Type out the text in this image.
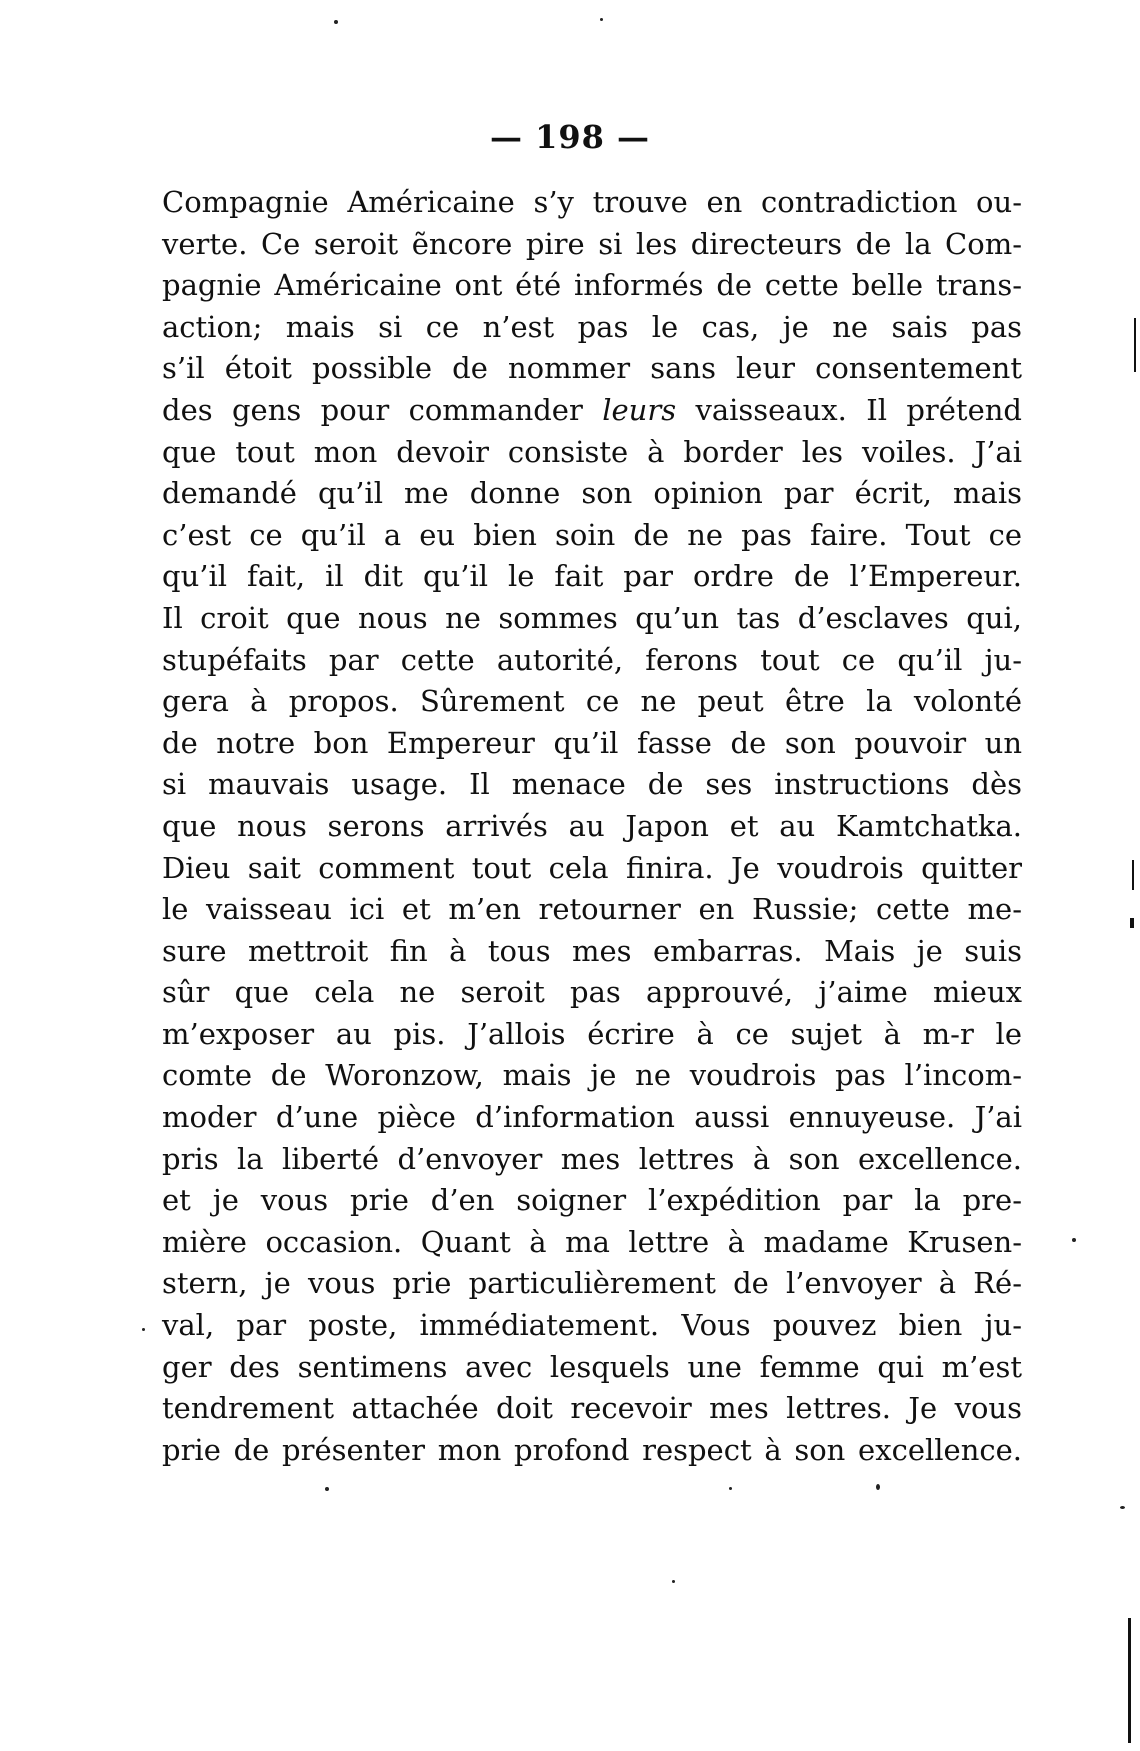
— 198 —
Compagnie Américaine s’y trouve en contradiction ou-
verte. Ce seroit ẽncore pire si les directeurs de la Com-
pagnie Américaine ont été informés de cette belle trans-
action; mais si ce n’est pas le cas, je ne sais pas
s’il étoit possible de nommer sans leur consentement
des gens pour commander leurs vaisseaux. Il prétend
que tout mon devoir consiste à border les voiles. J’ai
demandé qu’il me donne son opinion par écrit, mais
c’est ce qu’il a eu bien soin de ne pas faire. Tout ce
qu’il fait, il dit qu’il le fait par ordre de l’Empereur.
Il croit que nous ne sommes qu’un tas d’esclaves qui,
stupéfaits par cette autorité, ferons tout ce qu’il ju-
gera à propos. Sûrement ce ne peut être la volonté
de notre bon Empereur qu’il fasse de son pouvoir un
si mauvais usage. Il menace de ses instructions dès
que nous serons arrivés au Japon et au Kamtchatka.
Dieu sait comment tout cela finira. Je voudrois quitter
le vaisseau ici et m’en retourner en Russie; cette me-
sure mettroit fin à tous mes embarras. Mais je suis
sûr que cela ne seroit pas approuvé, j’aime mieux
m’exposer au pis. J’allois écrire à ce sujet à m-r le
comte de Woronzow, mais je ne voudrois pas l’incom-
moder d’une pièce d’information aussi ennuyeuse. J’ai
pris la liberté d’envoyer mes lettres à son excellence.
et je vous prie d’en soigner l’expédition par la pre-
mière occasion. Quant à ma lettre à madame Krusen-
stern, je vous prie particulièrement de l’envoyer à Ré-
val, par poste, immédiatement. Vous pouvez bien ju-
ger des sentimens avec lesquels une femme qui m’est
tendrement attachée doit recevoir mes lettres. Je vous
prie de présenter mon profond respect à son excellence.
